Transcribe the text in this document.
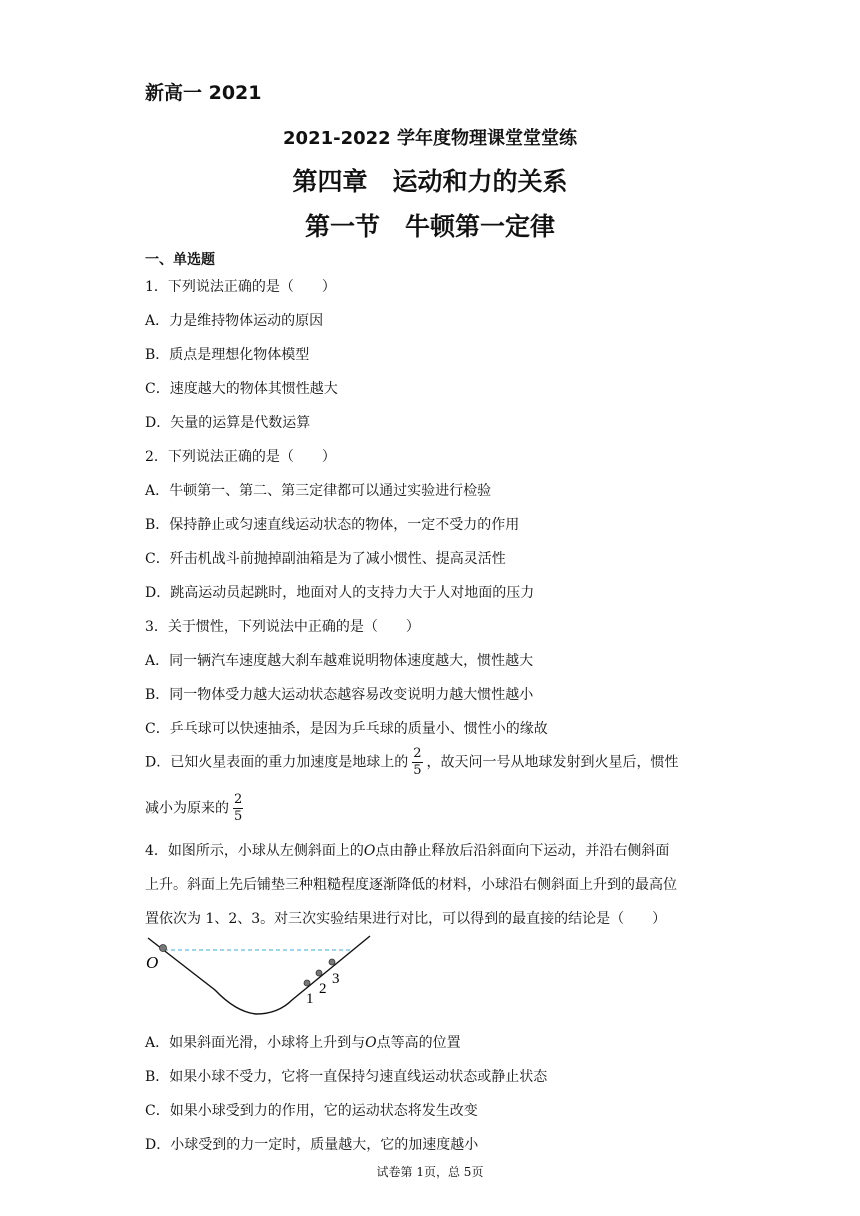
新高一 2021
2021-2022 学年度物理课堂堂堂练
第四章　运动和力的关系
第一节　牛顿第一定律
一、单选题
1．下列说法正确的是（　　）
A．力是维持物体运动的原因
B．质点是理想化物体模型
C．速度越大的物体其惯性越大
D．矢量的运算是代数运算
2．下列说法正确的是（　　）
A．牛顿第一、第二、第三定律都可以通过实验进行检验
B．保持静止或匀速直线运动状态的物体，一定不受力的作用
C．歼击机战斗前抛掉副油箱是为了减小惯性、提高灵活性
D．跳高运动员起跳时，地面对人的支持力大于人对地面的压力
3．关于惯性，下列说法中正确的是（　　）
A．同一辆汽车速度越大刹车越难说明物体速度越大，惯性越大
B．同一物体受力越大运动状态越容易改变说明力越大惯性越小
C．乒乓球可以快速抽杀，是因为乒乓球的质量小、惯性小的缘故
D．已知火星表面的重力加速度是地球上的 $\frac{2}{5}$ ，故天问一号从地球发射到火星后，惯性
减小为原来的 $\frac{2}{5}$
4．如图所示，小球从左侧斜面上的O点由静止释放后沿斜面向下运动，并沿右侧斜面
上升。斜面上先后铺垫三种粗糙程度逐渐降低的材料，小球沿右侧斜面上升到的最高位
置依次为 1、2、3。对三次实验结果进行对比，可以得到的最直接的结论是（　　）
O
1
2
3
A．如果斜面光滑，小球将上升到与O点等高的位置
B．如果小球不受力，它将一直保持匀速直线运动状态或静止状态
C．如果小球受到力的作用，它的运动状态将发生改变
D．小球受到的力一定时，质量越大，它的加速度越小
试卷第 1页，总 5页
